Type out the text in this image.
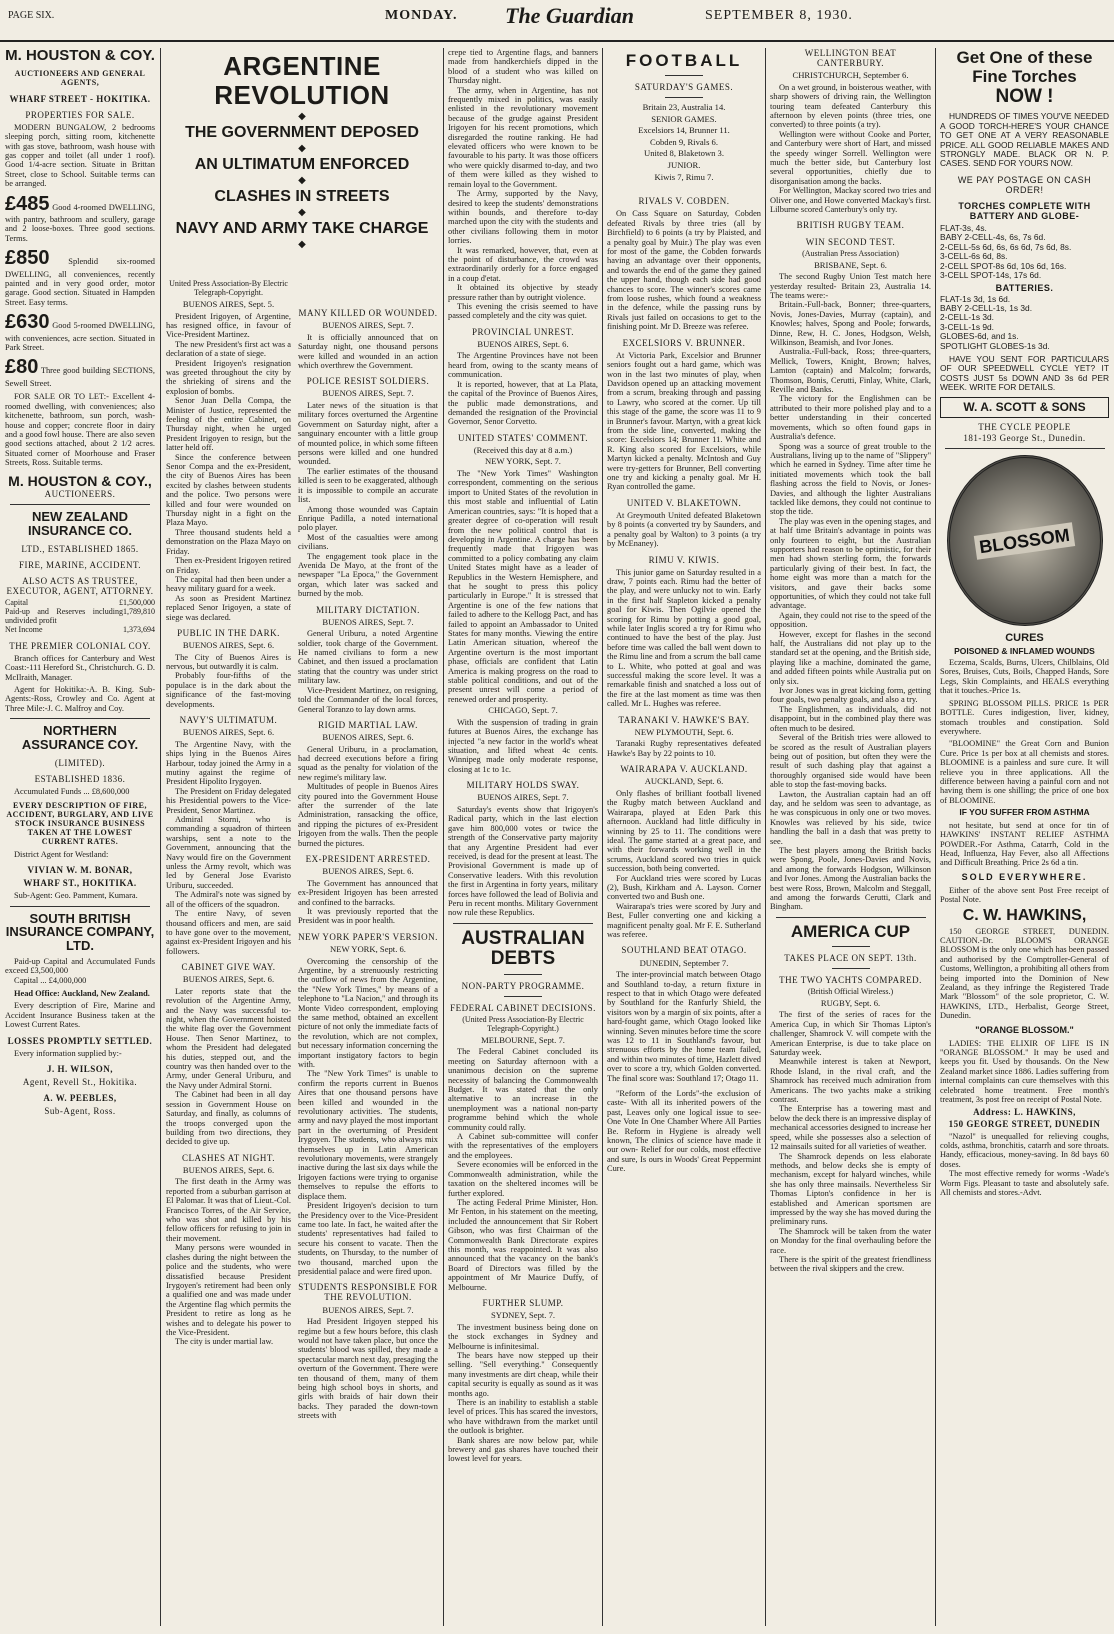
PAGE SIX.	MONDAY. The Guardian	SEPTEMBER 8, 1930.
M. HOUSTON & COY.
AUCTIONEERS AND GENERAL AGENTS,
WHARF STREET - HOKITIKA.
PROPERTIES FOR SALE.

MODERN BUNGALOW, 2 bedrooms sleeping porch, sitting room, kitchenette with gas stove, bathroom, wash house with gas copper and toilet (all under 1 roof). Good 1/4-acre section. Situate in Brittan Street, close to School. Suitable terms can be arranged.

£485 Good 4-roomed DWELLING, with pantry, bathroom and scullery, garage and 2 loose-boxes. Three good sections. Terms.
£850 Splendid six-roomed DWELLING, all conveniences, recently painted and in very good order, motor garage. Good section. Situated in Hampden Street. Easy terms.
£630 Good 5-roomed DWELLING, with conveniences, acre section. Situated in Park Street.
£80 Three good building SECTIONS, Sewell Street.

FOR SALE OR TO LET:- Excellent 4-roomed dwelling, with conveniences; also kitchenette, bathroom, sun porch, wash-house and copper; concrete floor in dairy and a good fowl house. There are also seven good sections attached, about 2 1/2 acres. Situated corner of Moorhouse and Fraser Streets, Ross. Suitable terms.

M. HOUSTON & COY.,
AUCTIONEERS.
NEW ZEALAND INSURANCE CO.
LTD., ESTABLISHED 1865.
FIRE, MARINE, ACCIDENT.
ALSO ACTS AS TRUSTEE, EXECUTOR, AGENT, ATTORNEY.
Capital	£1,500,000
Paid-up and Reserves including undivided profit
1,789,810
Net Income	1,373,694
THE PREMIER COLONIAL COY.

Branch offices for Canterbury and West Coast:-111 Hereford St., Christchurch. G. D. McIlraith, Manager.

Agent for Hokitika:-A. B. King. Sub-Agents:-Ross, Crowley and Co. Agent at Three Mile:-J. C. Malfroy and Coy.

NORTHERN ASSURANCE COY.
(LIMITED).
ESTABLISHED 1836.

Accumulated Funds ... £8,600,000

EVERY DESCRIPTION OF FIRE, ACCIDENT, BURGLARY, AND LIVE STOCK INSURANCE BUSINESS TAKEN AT THE LOWEST CURRENT RATES.

District Agent for Westland:

VIVIAN W. M. BONAR,
WHARF ST., HOKITIKA.

Sub-Agent: Geo. Pamment, Kumara.

SOUTH BRITISH INSURANCE COMPANY, LTD.

Paid-up Capital and Accumulated Funds exceed £3,500,000

Capital ... £4,000,000

Head Office: Auckland, New Zealand.

Every description of Fire, Marine and Accident Insurance Business taken at the Lowest Current Rates.

LOSSES PROMPTLY SETTLED.

Every information supplied by:-

J. H. WILSON,
Agent, Revell St., Hokitika.
A. W. PEEBLES,
Sub-Agent, Ross.
ARGENTINE REVOLUTION
◆
THE GOVERNMENT DEPOSED
◆
AN ULTIMATUM ENFORCED
◆
CLASHES IN STREETS
◆
NAVY AND ARMY TAKE CHARGE
◆
United Press Association-By Electric Telegraph-Copyright.
BUENOS AIRES, Sept. 5.

President Irigoyen, of Argentine, has resigned office, in favour of Vice-President Martinez.

The new President's first act was a declaration of a state of siege.

President Irigoyen's resignation was greeted throughout the city by the shrieking of sirens and the explosion of bombs.

Senor Juan Della Compa, the Minister of Justice, represented the feeling of the entire Cabinet, on Thursday night, when he urged President Irigoyen to resign, but the latter held off.

Since the conference between Senor Compa and the ex-President, the city of Buenos Aires has been excited by clashes between students and the police. Two persons were killed and four were wounded on Thursday night in a fight on the Plaza Mayo.

Three thousand students held a demonstration on the Plaza Mayo on Friday.

Then ex-President Irigoyen retired on Friday.

The capital had then been under a heavy military guard for a week.

As soon as President Martinez replaced Senor Irigoyen, a state of siege was declared.

PUBLIC IN THE DARK.
BUENOS AIRES, Sept. 6.

The City of Buenos Aires is nervous, but outwardly it is calm.

Probably four-fifths of the populace is in the dark about the significance of the fast-moving developments.

NAVY'S ULTIMATUM.
BUENOS AIRES, Sept. 6.

The Argentine Navy, with the ships lying in the Buenos Aires Harbour, today joined the Army in a mutiny against the regime of President Hipolito Irygoyen.

The President on Friday delegated his Presidential powers to the Vice-President, Senor Martinez.

Admiral Storni, who is commanding a squadron of thirteen warships, sent a note to the Government, announcing that the Navy would fire on the Government unless the Army revolt, which was led by General Jose Evaristo Uriburu, succeeded.

The Admiral's note was signed by all of the officers of the squadron.

The entire Navy, of seven thousand officers and men, are said to have gone over to the movement, against ex-President Irigoyen and his followers.

CABINET GIVE WAY.
BUENOS AIRES, Sept. 6.

Later reports state that the revolution of the Argentine Army, and the Navy was successful to-night, when the Government hoisted the white flag over the Government House. Then Senor Martinez, to whom the President had delegated his duties, stepped out, and the country was then handed over to the Army, under General Uriburu, and the Navy under Admiral Storni.

The Cabinet had been in all day session in Government House on Saturday, and finally, as columns of the troops converged upon the building from two directions, they decided to give up.

CLASHES AT NIGHT.
BUENOS AIRES, Sept. 6.

The first death in the Army was reported from a suburban garrison at El Palomar. It was that of Lieut.-Col. Francisco Torres, of the Air Service, who was shot and killed by his fellow officers for refusing to join in their movement.

Many persons were wounded in clashes during the night between the police and the students, who were dissatisfied because President Irygoyen's retirement had been only a qualified one and was made under the Argentine flag which permits the President to retire as long as he wishes and to delegate his power to the Vice-President.

The city is under martial law.

MANY KILLED OR WOUNDED.
BUENOS AIRES, Sept. 7.

It is officially announced that on Saturday night, one thousand persons were killed and wounded in an action which overthrew the Government.

POLICE RESIST SOLDIERS.
BUENOS AIRES, Sept. 7.

Later news of the situation is that military forces overturned the Argentine Government on Saturday night, after a sanguinary encounter with a little group of mounted police, in which some fifteen persons were killed and one hundred wounded.

The earlier estimates of the thousand killed is seen to be exaggerated, although it is impossible to compile an accurate list.

Among those wounded was Captain Enrique Padilla, a noted international polo player.

Most of the casualties were among civilians.

The engagement took place in the Avenida De Mayo, at the front of the newspaper "La Epoca," the Government organ, which later was sacked and burned by the mob.

MILITARY DICTATION.
BUENOS AIRES, Sept. 7.

General Uriburu, a noted Argentine soldier, took charge of the Government. He named civilians to form a new Cabinet, and then issued a proclamation stating that the country was under strict military law.

Vice-President Martinez, on resigning, told the Commander of the local forces, General Toranzo to lay down arms.

RIGID MARTIAL LAW.
BUENOS AIRES, Sept. 6.

General Uriburu, in a proclamation, had decreed executions before a firing squad as the penalty for violation of the new regime's military law.

Multitudes of people in Buenos Aires city poured into the Government House after the surrender of the late Administration, ransacking the office, and ripping the pictures of ex-President Irigoyen from the walls. Then the people burned the pictures.

EX-PRESIDENT ARRESTED.
BUENOS AIRES, Sept. 6.

The Government has announced that ex-President Irigoyen has been arrested and confined to the barracks.

It was previously reported that the President was in poor health.

NEW YORK PAPER'S VERSION.
NEW YORK, Sept. 6.

Overcoming the censorship of the Argentine, by a strenuously restricting the outflow of news from the Argentine, the "New York Times," by means of a telephone to "La Nacion," and through its Monte Video correspondent, employing the same method, obtained an excellent picture of not only the immediate facts of the revolution, which are not complex, but necessary information concerning the important instigatory factors to begin with.

The "New York Times" is unable to confirm the reports current in Buenos Aires that one thousand persons have been killed and wounded in the revolutionary activities. The students, army and navy played the most important part in the overturning of President Irygoyen. The students, who always mix themselves up in Latin American revolutionary movements, were strangely inactive during the last six days while the Irigoyen factions were trying to organise themselves to repulse the efforts to displace them.

President Irigoyen's decision to turn the Presidency over to the Vice-President came too late. In fact, he waited after the students' representatives had failed to secure his consent to vacate. Then the students, on Thursday, to the number of two thousand, marched upon the presidential palace and were fired upon.

STUDENTS RESPONSIBLE FOR THE REVOLUTION.
BUENOS AIRES, Sept. 7.

Had President Irigoyen stepped his regime but a few hours before, this clash would not have taken place, but once the students' blood was spilled, they made a spectacular march next day, presaging the overturn of the Government. There were ten thousand of them, many of them being high school boys in shorts, and girls with braids of hair down their backs. They paraded the down-town streets with

crepe tied to Argentine flags, and banners made from handkerchiefs dipped in the blood of a student who was killed on Thursday night.

The army, when in Argentine, has not frequently mixed in politics, was easily enlisted in the revolutionary movement because of the grudge against President Irigoyen for his recent promotions, which disregarded the routine ranking. He had elevated officers who were known to be favourable to his party. It was those officers who were quickly disarmed to-day, and two of them were killed as they wished to remain loyal to the Government.

The Army, supported by the Navy, desired to keep the students' demonstrations within bounds, and therefore to-day marched upon the city with the students and other civilians following them in motor lorries.

It was remarked, however, that, even at the point of disturbance, the crowd was extraordinarily orderly for a force engaged in a coup d'etat.

It obtained its objective by steady pressure rather than by outright violence.

This evening the crisis seemed to have passed completely and the city was quiet.

PROVINCIAL UNREST.
BUENOS AIRES, Sept. 6.

The Argentine Provinces have not been heard from, owing to the scanty means of communication.

It is reported, however, that at La Plata, the capital of the Province of Buenos Aires, the public made demonstrations, and demanded the resignation of the Provincial Governor, Senor Corvetto.

UNITED STATES' COMMENT.
(Received this day at 8 a.m.)
NEW YORK, Sept. 7.

The "New York Times" Washington correspondent, commenting on the serious import to United States of the revolution in this most stable and influential of Latin American countries, says: "It is hoped that a greater degree of co-operation will result from the new political control that is developing in Argentine. A charge has been frequently made that Irigoyen was committed to a policy combating any claim United States might have as a leader of Republics in the Western Hemisphere, and that he sought to press this policy particularly in Europe." It is stressed that Argentine is one of the few nations that failed to adhere to the Kellogg Pact, and has failed to appoint an Ambassador to United States for many months. Viewing the entire Latin American situation, whereof the Argentine overturn is the most important phase, officials are confident that Latin America is making progress on the road to stable political conditions, and out of the present unrest will come a period of renewed order and prosperity.

CHICAGO, Sept. 7.

With the suspension of trading in grain futures at Buenos Aires, the exchange has injected "a new factor in the world's wheat situation, and lifted wheat 4c cents. Winnipeg made only moderate response, closing at 1c to 1c.

MILITARY HOLDS SWAY.
BUENOS AIRES, Sept. 7.

Saturday's events show that Irigoyen's Radical party, which in the last election gave him 800,000 votes or twice the strength of the Conservative party majority that any Argentine President had ever received, is dead for the present at least. The Provisional Government is made up of Conservative leaders. With this revolution the first in Argentina in forty years, military forces have followed the lead of Bolivia and Peru in recent months. Military Government now rule these Republics.

AUSTRALIAN DEBTS
NON-PARTY PROGRAMME.
FEDERAL CABINET DECISIONS.
(United Press Association-By Electric Telegraph-Copyright.)
MELBOURNE, Sept. 7.

The Federal Cabinet concluded its meeting on Saturday afternoon with a unanimous decision on the supreme necessity of balancing the Commonwealth Budget. It was stated that the only alternative to an increase in the unemployment was a national non-party programme behind which the whole community could rally.

A Cabinet sub-committee will confer with the representatives of the employers and the employees.

Severe economies will be enforced in the Commonwealth administration, while the taxation on the sheltered incomes will be further explored.

The acting Federal Prime Minister, Hon. Mr Fenton, in his statement on the meeting, included the announcement that Sir Robert Gibson, who was first Chairman of the Commonwealth Bank Directorate expires this month, was reappointed. It was also announced that the vacancy on the bank's Board of Directors was filled by the appointment of Mr Maurice Duffy, of Melbourne.

FURTHER SLUMP.
SYDNEY, Sept. 7.

The investment business being done on the stock exchanges in Sydney and Melbourne is infinitesimal.

The bears have now stepped up their selling. "Sell everything." Consequently many investments are dirt cheap, while their capital security is equally as sound as it was months ago.

There is an inability to establish a stable level of prices. This has scared the investors, who have withdrawn from the market until the outlook is brighter.

Bank shares are now below par, while brewery and gas shares have touched their lowest level for years.

FOOTBALL
SATURDAY'S GAMES.
Britain 23, Australia 14.
SENIOR GAMES.
Excelsiors 14, Brunner 11.
Cobden 9, Rivals 6.
United 8, Blaketown 3.
JUNIOR.
Kiwis 7, Rimu 7.
RIVALS V. COBDEN.

On Cass Square on Saturday, Cobden defeated Rivals by three tries (all by Birchfield) to 6 points (a try by Plaisted, and a penalty goal by Muir.) The play was even for most of the game, the Cobden forwards having an advantage over their opponents, and towards the end of the game they gained the upper hand, though each side had good chances to score. The winner's scores came from loose rushes, which found a weakness in the defence, while the passing runs by Rivals just failed on occasions to get to the finishing point. Mr D. Breeze was referee.

EXCELSIORS V. BRUNNER.

At Victoria Park, Excelsior and Brunner seniors fought out a hard game, which was won in the last two minutes of play, when Davidson opened up an attacking movement from a scrum, breaking through and passing to Lawry, who scored at the corner. Up till this stage of the game, the score was 11 to 9 in Brunner's favour. Martyn, with a great kick from the side line, converted, making the score: Excelsiors 14; Brunner 11. White and R. King also scored for Excelsiors, while Martyn kicked a penalty. McIntosh and Guy were try-getters for Brunner, Bell converting one try and kicking a penalty goal. Mr H. Ryan controlled the game.

UNITED V. BLAKETOWN.

At Greymouth United defeated Blaketown by 8 points (a converted try by Saunders, and a penalty goal by Walton) to 3 points (a try by McEnaney).

RIMU V. KIWIS.

This junior game on Saturday resulted in a draw, 7 points each. Rimu had the better of the play, and were unlucky not to win. Early in the first half Stapleton kicked a penalty goal for Kiwis. Then Ogilvie opened the scoring for Rimu by potting a good goal, while later Inglis scored a try for Rimu who continued to have the best of the play. Just before time was called the ball went down to the Rimu line and from a scrum the ball came to L. White, who potted at goal and was successful making the score level. It was a remarkable finish and snatched a loss out of the fire at the last moment as time was then called. Mr L. Hughes was referee.

TARANAKI V. HAWKE'S BAY.
NEW PLYMOUTH, Sept. 6.

Taranaki Rugby representatives defeated Hawke's Bay by 22 points to 10.

WAIRARAPA V. AUCKLAND.
AUCKLAND, Sept. 6.

Only flashes of brilliant football livened the Rugby match between Auckland and Wairarapa, played at Eden Park this afternoon. Auckland had little difficulty in winning by 25 to 11. The conditions were ideal. The game started at a great pace, and with their forwards working well in the scrums, Auckland scored two tries in quick succession, both being converted.

For Auckland tries were scored by Lucas (2), Bush, Kirkham and A. Layson. Corner converted two and Bush one.

Wairarapa's tries were scored by Jury and Best, Fuller converting one and kicking a magnificent penalty goal. Mr F. E. Sutherland was referee.

SOUTHLAND BEAT OTAGO.
DUNEDIN, September 7.

The inter-provincial match between Otago and Southland to-day, a return fixture in respect to that in which Otago were defeated by Southland for the Ranfurly Shield, the visitors won by a margin of six points, after a hard-fought game, which Otago looked like winning. Seven minutes before time the score was 12 to 11 in Southland's favour, but strenuous efforts by the home team failed, and within two minutes of time, Hazlett dived over to score a try, which Golden converted. The final score was: Southland 17; Otago 11.

"Reform of the Lords"-the exclusion of caste- With all its inherited powers of the past, Leaves only one logical issue to see- One Vote In One Chamber Where All Parties Be. Reform in Hygiene is already well known, The clinics of science have made it our own- Relief for our colds, most effective and sure, Is ours in Woods' Great Peppermint Cure.

WELLINGTON BEAT CANTERBURY.
CHRISTCHURCH, September 6.

On a wet ground, in boisterous weather, with sharp showers of driving rain, the Wellington touring team defeated Canterbury this afternoon by eleven points (three tries, one converted) to three points (a try).

Wellington were without Cooke and Porter, and Canterbury were short of Hart, and missed the speedy winger Sorrell. Wellington were much the better side, but Canterbury lost several opportunities, chiefly due to disorganisation among the backs.

For Wellington, Mackay scored two tries and Oliver one, and Howe converted Mackay's first. Lilburne scored Canterbury's only try.

BRITISH RUGBY TEAM.
WIN SECOND TEST.
(Australian Press Association)
BRISBANE, Sept. 6.

The second Rugby Union Test match here yesterday resulted- Britain 23, Australia 14. The teams were:-

Britain.-Full-back, Bonner; three-quarters, Novis, Jones-Davies, Murray (captain), and Knowles; halves, Spong and Poole; forwards, Dinne, Rew, H. C. Jones, Hodgson, Welsh, Wilkinson, Beamish, and Ivor Jones.

Australia.-Full-back, Ross; three-quarters, Mellick, Towers, Knight, Brown; halves, Lamton (captain) and Malcolm; forwards, Thomson, Bonis, Cerutti, Finlay, White, Clark, Reville and Banks.

The victory for the Englishmen can be attributed to their more polished play and to a better understanding in their concerted movements, which so often found gaps in Australia's defence.

Spong was a source of great trouble to the Australians, living up to the name of "Slippery" which he earned in Sydney. Time after time he initiated movements which took the ball flashing across the field to Novis, or Jones-Davies, and although the lighter Australians tackled like demons, they could not continue to stop the tide.

The play was even in the opening stages, and at half time Britain's advantage in points was only fourteen to eight, but the Australian supporters had reason to be optimistic, for their men had shown sterling form, the forwards particularly giving of their best. In fact, the home eight was more than a match for the visitors, and gave their backs some opportunities, of which they could not take full advantage.

Again, they could not rise to the speed of the opposition.

However, except for flashes in the second half, the Australians did not play up to the standard set at the opening, and the British side, playing like a machine, dominated the game, and added fifteen points while Australia put on only six.

Ivor Jones was in great kicking form, getting four goals, two penalty goals, and also a try.

The Englishmen, as individuals, did not disappoint, but in the combined play there was often much to be desired.

Several of the British tries were allowed to be scored as the result of Australian players being out of position, but often they were the result of such dashing play that against a thoroughly organised side would have been able to stop the fast-moving backs.

Lawton, the Australian captain had an off day, and he seldom was seen to advantage, as he was conspicuous in only one or two moves. Knowles was relieved by his side, twice handling the ball in a dash that was pretty to see.

The best players among the British backs were Spong, Poole, Jones-Davies and Novis, and among the forwards Hodgson, Wilkinson and Ivor Jones. Among the Australian backs the best were Ross, Brown, Malcolm and Steggall, and among the forwards Cerutti, Clark and Bingham.

AMERICA CUP
TAKES PLACE ON SEPT. 13th.
THE TWO YACHTS COMPARED.
(British Official Wireless.)
RUGBY, Sept. 6.

The first of the series of races for the America Cup, in which Sir Thomas Lipton's challenger, Shamrock V. will compete with the American Enterprise, is due to take place on Saturday week.

Meanwhile interest is taken at Newport, Rhode Island, in the rival craft, and the Shamrock has received much admiration from Americans. The two yachts make a striking contrast.

The Enterprise has a towering mast and below the deck there is an impressive display of mechanical accessories designed to increase her speed, while she possesses also a selection of 12 mainsails suited for all varieties of weather.

The Shamrock depends on less elaborate methods, and below decks she is empty of mechanism, except for halyard winches, while she has only three mainsails. Nevertheless Sir Thomas Lipton's confidence in her is established and American sportsmen are impressed by the way she has moved during the preliminary runs.

The Shamrock will be taken from the water on Monday for the final overhauling before the race.

There is the spirit of the greatest friendliness between the rival skippers and the crew.

Get One of these
Fine Torches
NOW !

HUNDREDS OF TIMES YOU'VE NEEDED A GOOD TORCH-HERE'S YOUR CHANCE TO GET ONE AT A VERY REASONABLE PRICE. ALL GOOD RELIABLE MAKES AND STRONGLY MADE. BLACK OR N. P. CASES. SEND FOR YOURS NOW.

WE PAY POSTAGE ON CASH ORDER!
TORCHES COMPLETE WITH BATTERY AND GLOBE-
FLAT-3s, 4s.
BABY 2-CELL-4s, 6s, 7s 6d.
2-CELL-5s 6d, 6s, 6s 6d, 7s 6d, 8s.
3-CELL-6s 6d, 8s.
2-CELL SPOT-8s 6d, 10s 6d, 16s.
3-CELL SPOT-14s, 17s 6d.
BATTERIES.
FLAT-1s 3d, 1s 6d.
BABY 2-CELL-1s, 1s 3d.
2-CELL-1s 3d.
3-CELL-1s 9d.
GLOBES-6d, and 1s.
SPOTLIGHT GLOBES-1s 3d.

HAVE YOU SENT FOR PARTICULARS OF OUR SPEEDWELL CYCLE YET? IT COSTS JUST 5s DOWN AND 3s 6d PER WEEK. WRITE FOR DETAILS.

W. A. SCOTT & SONS
THE CYCLE PEOPLE
181-193 George St., Dunedin.
BLOSSOM
CURES
POISONED & INFLAMED WOUNDS

Eczema, Scalds, Burns, Ulcers, Chilblains, Old Sores, Bruises, Cuts, Boils, Chapped Hands, Sore Legs, Skin Complaints, and HEALS everything that it touches.-Price 1s.

SPRING BLOSSOM PILLS. PRICE 1s PER BOTTLE. Cures indigestion, liver, kidney, stomach troubles and constipation. Sold everywhere.

"BLOOMINE" the Great Corn and Bunion Cure. Price 1s per box at all chemists and stores. BLOOMINE is a painless and sure cure. It will relieve you in three applications. All the difference between having a painful corn and not having them is one shilling; the price of one box of BLOOMINE.

IF YOU SUFFER FROM ASTHMA

not hesitate, but send at once for tin of HAWKINS' INSTANT RELIEF ASTHMA POWDER.-For Asthma, Catarrh, Cold in the Head, Influenza, Hay Fever, also all Affections and Difficult Breathing. Price 2s 6d a tin.

SOLD EVERYWHERE.

Either of the above sent Post Free receipt of Postal Note.

C. W. HAWKINS,

150 GEORGE STREET, DUNEDIN. CAUTION.-Dr. BLOOM'S ORANGE BLOSSOM is the only one which has been passed and authorised by the Comptroller-General of Customs, Wellington, a prohibiting all others from being imported into the Dominion of New Zealand, as they infringe the Registered Trade Mark "Blossom" of the sole proprietor, C. W. HAWKINS, LTD., Herbalist, George Street, Dunedin.

"ORANGE BLOSSOM."

LADIES: THE ELIXIR OF LIFE IS IN "ORANGE BLOSSOM." It may be used and keeps you fit. Used by thousands. On the New Zealand market since 1886. Ladies suffering from internal complaints can cure themselves with this celebrated home treatment. Free month's treatment, 3s post free on receipt of Postal Note.

Address: L. HAWKINS,
150 GEORGE STREET, DUNEDIN

"Nazol" is unequalled for relieving coughs, colds, asthma, bronchitis, catarrh and sore throats. Handy, efficacious, money-saving. In 8d bays 60 doses.

The most effective remedy for worms -Wade's Worm Figs. Pleasant to taste and absolutely safe. All chemists and stores.-Advt.
